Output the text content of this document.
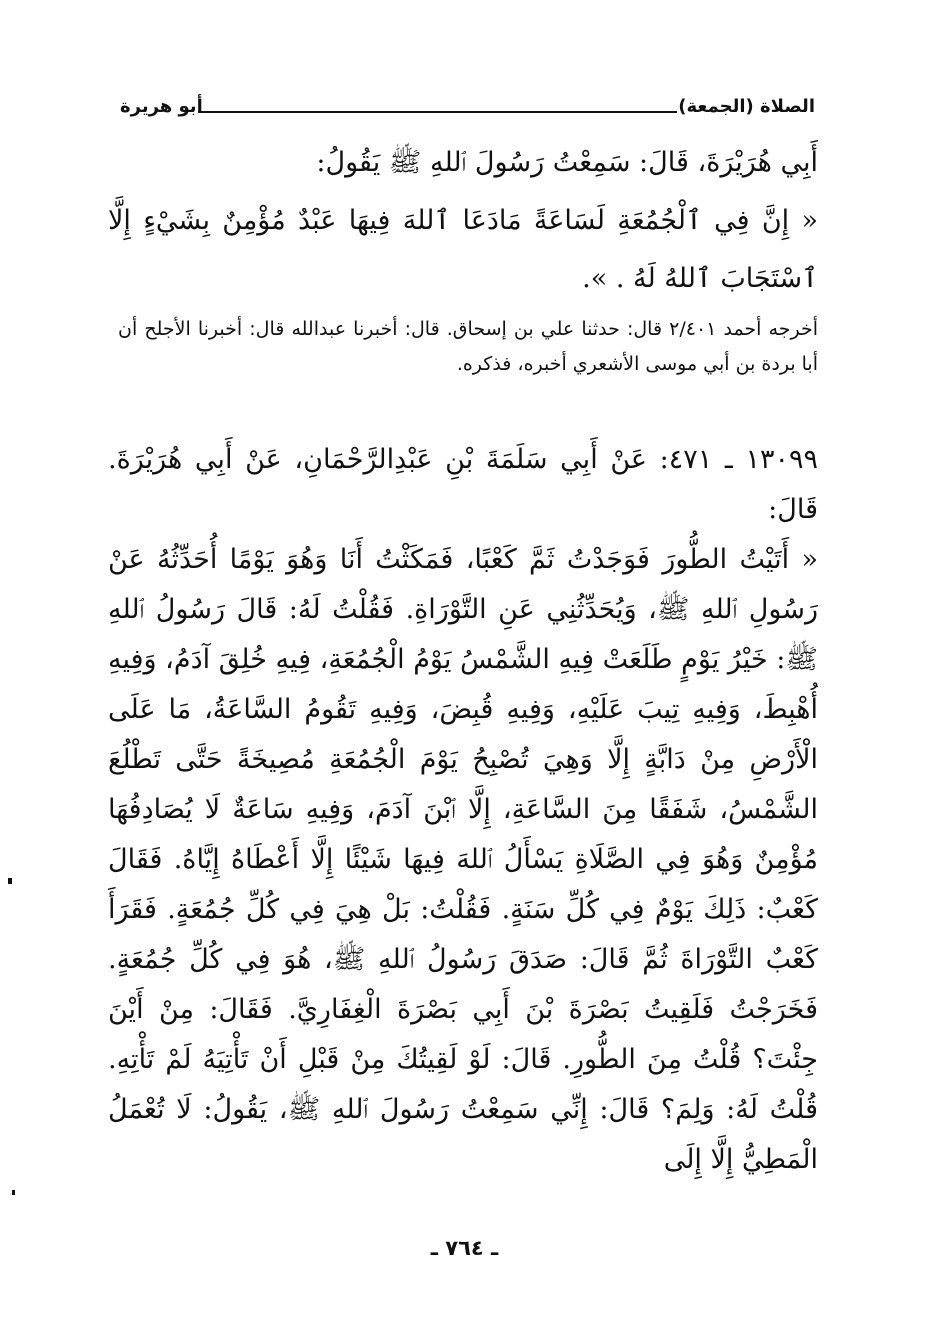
الصلاة (الجمعة)
أبو هريرة
أَبِي هُرَيْرَةَ، قَالَ: سَمِعْتُ رَسُولَ ٱللهِ ﷺ يَقُولُ:
« إِنَّ فِي ٱلْجُمُعَةِ لَسَاعَةً مَادَعَا ٱللهَ فِيهَا عَبْدٌ مُؤْمِنٌ بِشَيْءٍ إِلَّا ٱسْتَجَابَ ٱللهُ لَهُ . ».
أخرجه أحمد ٢/٤٠١ قال: حدثنا علي بن إسحاق. قال: أخبرنا عبدالله قال: أخبرنا الأجلح أن أبا بردة بن أبي موسى الأشعري أخبره، فذكره.
١٣٠٩٩ ـ ٤٧١: عَنْ أَبِي سَلَمَةَ بْنِ عَبْدِالرَّحْمَانِ، عَنْ أَبِي هُرَيْرَةَ. قَالَ:
« أَتَيْتُ الطُّورَ فَوَجَدْتُ ثَمَّ كَعْبًا، فَمَكَثْتُ أَنَا وَهُوَ يَوْمًا أُحَدِّثُهُ عَنْ رَسُولِ ٱللهِ ﷺ، وَيُحَدِّثُنِي عَنِ التَّوْرَاةِ. فَقُلْتُ لَهُ: قَالَ رَسُولُ ٱللهِ ﷺ: خَيْرُ يَوْمٍ طَلَعَتْ فِيهِ الشَّمْسُ يَوْمُ الْجُمُعَةِ، فِيهِ خُلِقَ آدَمُ، وَفِيهِ أُهْبِطَ، وَفِيهِ تِيبَ عَلَيْهِ، وَفِيهِ قُبِضَ، وَفِيهِ تَقُومُ السَّاعَةُ، مَا عَلَى الْأَرْضِ مِنْ دَابَّةٍ إِلَّا وَهِيَ تُصْبِحُ يَوْمَ الْجُمُعَةِ مُصِيخَةً حَتَّى تَطْلُعَ الشَّمْسُ، شَفَقًا مِنَ السَّاعَةِ، إِلَّا ٱبْنَ آدَمَ، وَفِيهِ سَاعَةٌ لَا يُصَادِفُهَا مُؤْمِنٌ وَهُوَ فِي الصَّلَاةِ يَسْأَلُ ٱللهَ فِيهَا شَيْئًا إِلَّا أَعْطَاهُ إِيَّاهُ. فَقَالَ كَعْبٌ: ذَلِكَ يَوْمٌ فِي كُلِّ سَنَةٍ. فَقُلْتُ: بَلْ هِيَ فِي كُلِّ جُمُعَةٍ. فَقَرَأَ كَعْبٌ التَّوْرَاةَ ثُمَّ قَالَ: صَدَقَ رَسُولُ ٱللهِ ﷺ، هُوَ فِي كُلِّ جُمُعَةٍ. فَخَرَجْتُ فَلَقِيتُ بَصْرَةَ بْنَ أَبِي بَصْرَةَ الْغِفَارِيَّ. فَقَالَ: مِنْ أَيْنَ جِئْتَ؟ قُلْتُ مِنَ الطُّورِ. قَالَ: لَوْ لَقِيتُكَ مِنْ قَبْلِ أَنْ تَأْتِيَهُ لَمْ تَأْتِهِ. قُلْتُ لَهُ: وَلِمَ؟ قَالَ: إِنِّي سَمِعْتُ رَسُولَ ٱللهِ ﷺ، يَقُولُ: لَا تُعْمَلُ الْمَطِيُّ إِلَّا إِلَى
ـ ٧٦٤ ـ
